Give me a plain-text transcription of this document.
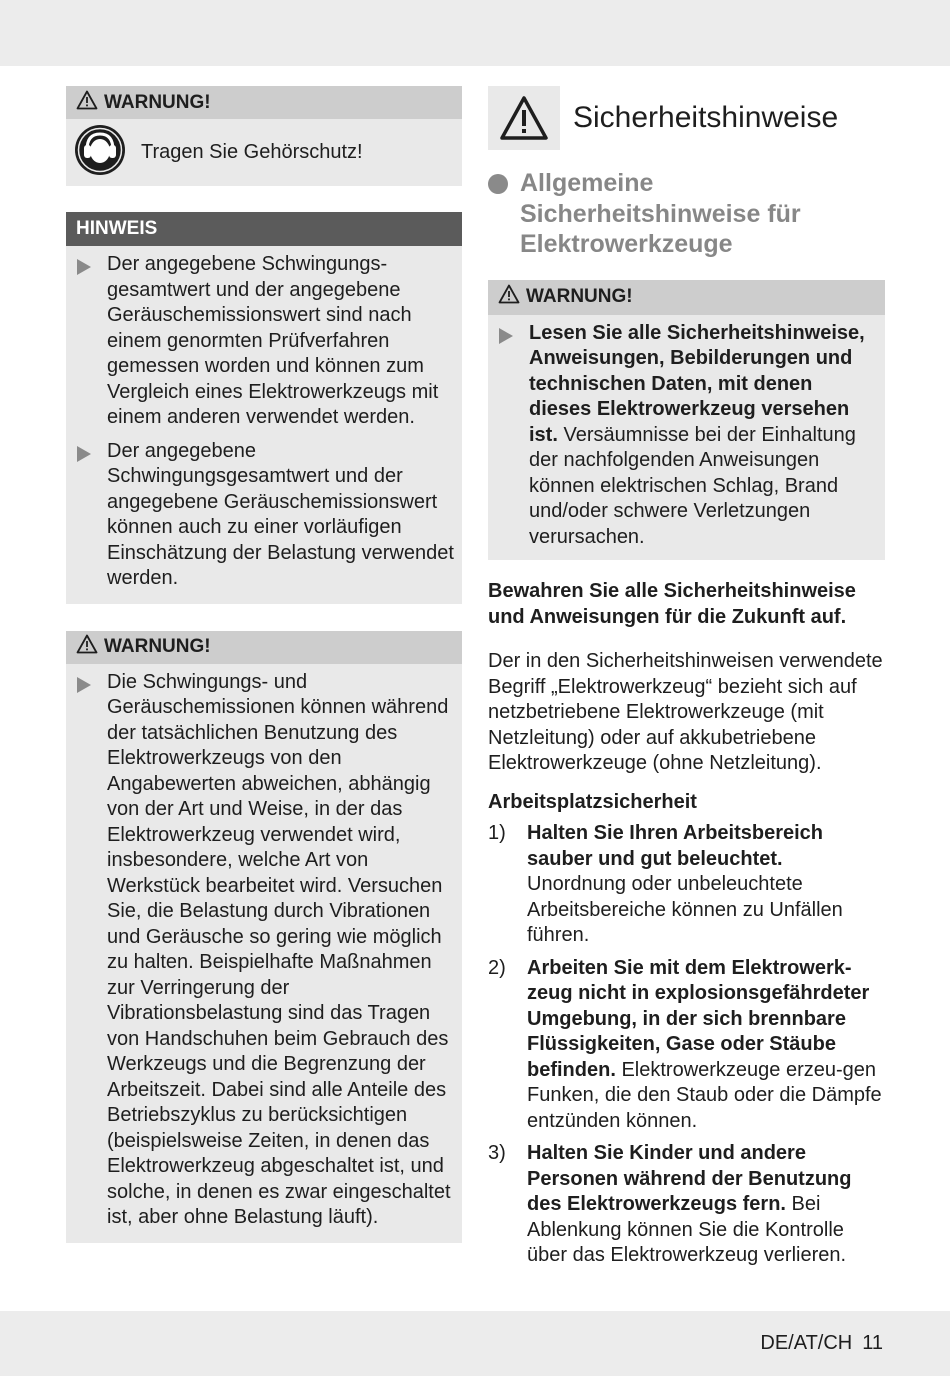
WARNUNG!
Tragen Sie Gehörschutz!
HINWEIS
Der angegebene Schwingungs-gesamtwert und der angegebene Geräuschemissionswert sind nach einem genormten Prüfverfahren gemessen worden und können zum Vergleich eines Elektrowerkzeugs mit einem anderen verwendet werden.
Der angegebene Schwingungsgesamtwert und der angegebene Geräuschemissionswert können auch zu einer vorläufigen Einschätzung der Belastung verwendet werden.
WARNUNG!
Die Schwingungs- und Geräuschemissionen können während der tatsächlichen Benutzung des Elektrowerkzeugs von den Angabewerten abweichen, abhängig von der Art und Weise, in der das Elektrowerkzeug verwendet wird, insbesondere, welche Art von Werkstück bearbeitet wird. Versuchen Sie, die Belastung durch Vibrationen und Geräusche so gering wie möglich zu halten. Beispielhafte Maßnahmen zur Verringerung der Vibrationsbelastung sind das Tragen von Handschuhen beim Gebrauch des Werkzeugs und die Begrenzung der Arbeitszeit. Dabei sind alle Anteile des Betriebszyklus zu berücksichtigen (beispielsweise Zeiten, in denen das Elektrowerkzeug abgeschaltet ist, und solche, in denen es zwar eingeschaltet ist, aber ohne Belastung läuft).
Sicherheitshinweise
Allgemeine Sicherheitshinweise für Elektrowerkzeuge
WARNUNG!
Lesen Sie alle Sicherheitshinweise, Anweisungen, Bebilderungen und technischen Daten, mit denen dieses Elektrowerkzeug versehen ist. Versäumnisse bei der Einhaltung der nachfolgenden Anweisungen können elektrischen Schlag, Brand und/oder schwere Verletzungen verursachen.
Bewahren Sie alle Sicherheitshinweise und Anweisungen für die Zukunft auf.
Der in den Sicherheitshinweisen verwendete Begriff „Elektrowerkzeug“ bezieht sich auf netzbetriebene Elektrowerkzeuge (mit Netzleitung) oder auf akkubetriebene Elektrowerkzeuge (ohne Netzleitung).
Arbeitsplatzsicherheit
1)	Halten Sie Ihren Arbeitsbereich sauber und gut beleuchtet. Unordnung oder unbeleuchtete Arbeitsbereiche können zu Unfällen führen.
2)	Arbeiten Sie mit dem Elektrowerk-zeug nicht in explosionsgefährdeter Umgebung, in der sich brennbare Flüssigkeiten, Gase oder Stäube befinden. Elektrowerkzeuge erzeu-gen Funken, die den Staub oder die Dämpfe entzünden können.
3)	Halten Sie Kinder und andere Personen während der Benutzung des Elektrowerkzeugs fern. Bei Ablenkung können Sie die Kontrolle über das Elektrowerkzeug verlieren.
DE/AT/CH 11
